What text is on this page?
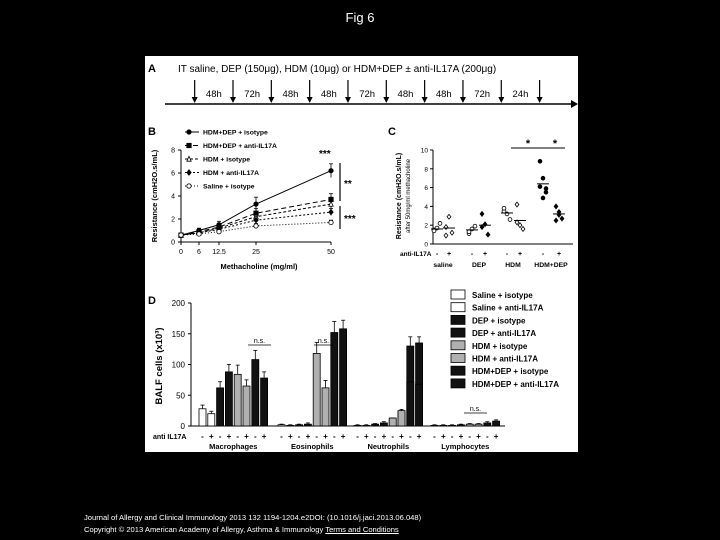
Fig 6
A IT saline, DEP (150μg), HDM (10μg) or HDM+DEP ± anti-IL17A (200μg)
48h 72h 48h 48h 72h 48h 48h 72h 24h
B
Resistance (cmH2O.s/mL)
Methacholine (mg/ml)
0
2
4
6
8
0 6 12.5	25	50
HDM+DEP + isotype
HDM+DEP + anti-IL17A
HDM + isotype
HDM + anti-IL17A
Saline + isotype
***
**
***
C
Resistance (cmH2O.s/mL) after 50mg/ml methacholine
anti-IL17A
0
2
4
6
8
10
- +
saline
- +
DEP
- +
HDM
- +
HDM+DEP
* *
D
BALF cells (x10³)
anti IL17A
0
50
100
150
200
- + - + - + - +
Macrophages
- + - + - + - +
Eosinophils
- + - + - + - +
Neutrophils
- + - + - + - +
Lymphocytes
n.s.	n.s.
n.s.
Saline + isotype
Saline + anti-IL17A
DEP + isotype
DEP + anti-IL17A
HDM + isotype
HDM + anti-IL17A
HDM+DEP + isotype
HDM+DEP + anti-IL17A
Journal of Allergy and Clinical Immunology 2013 132 1194-1204.e2DOI: (10.1016/j.jaci.2013.06.048)
Copyright © 2013 American Academy of Allergy, Asthma & Immunology Terms and Conditions
